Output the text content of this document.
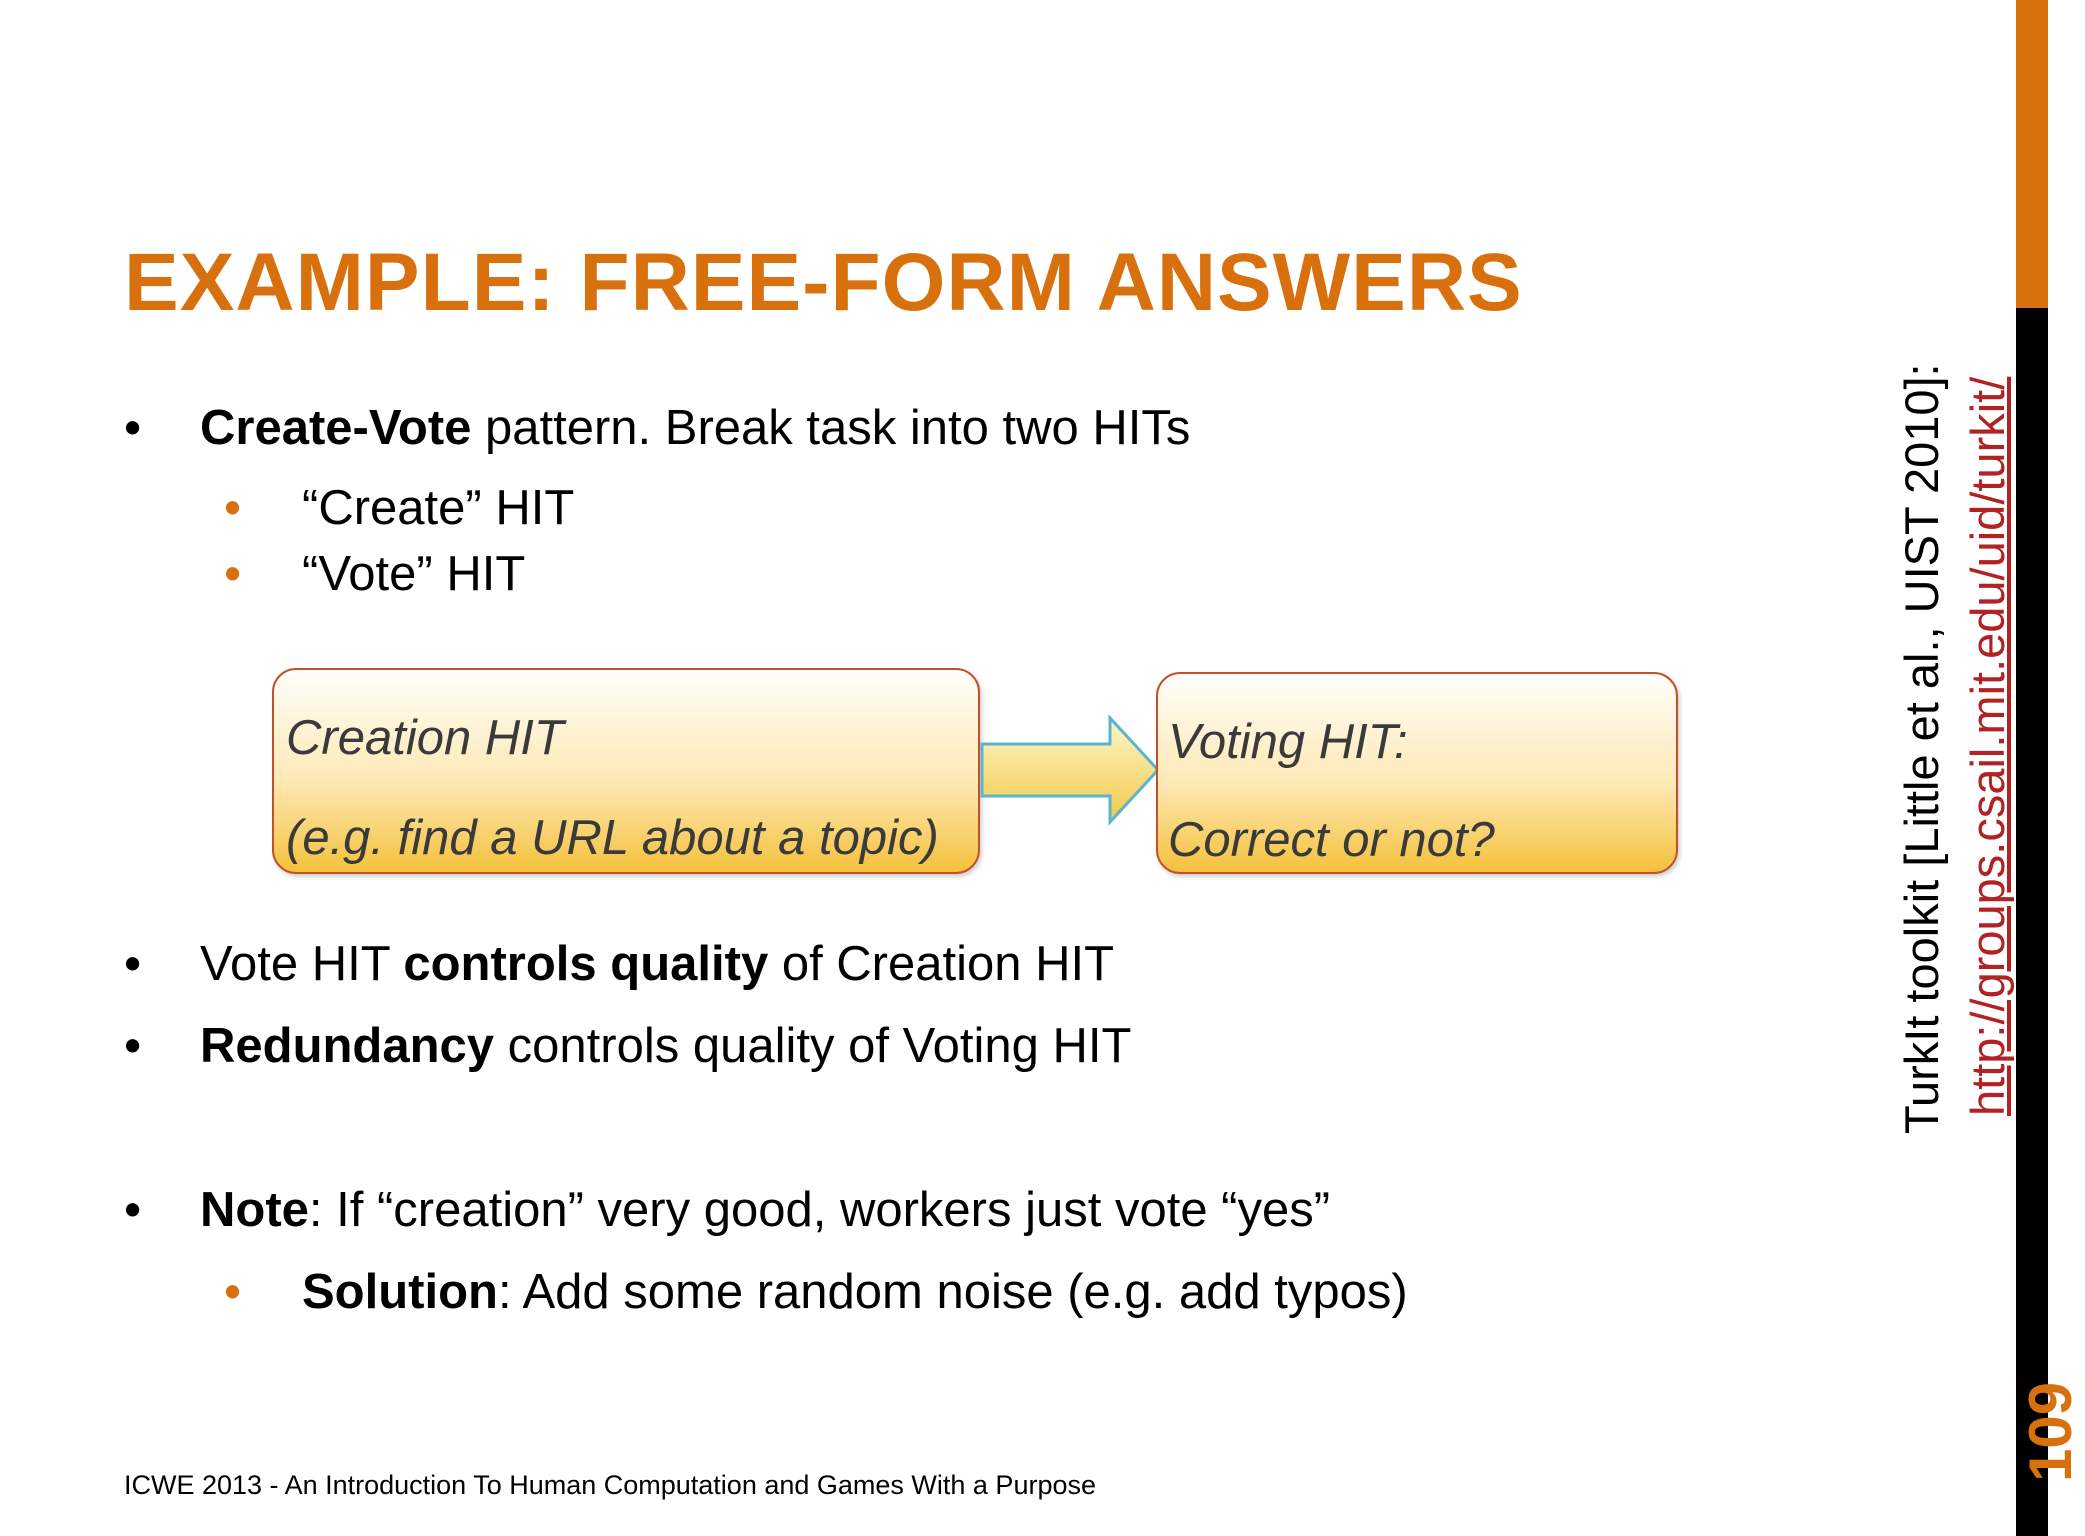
EXAMPLE: FREE-FORM ANSWERS
• Create-Vote pattern. Break task into two HITs
• “Create” HIT
• “Vote” HIT
Creation HIT
(e.g. find a URL about a topic)
Voting HIT:
Correct or not?
• Vote HIT controls quality of Creation HIT
• Redundancy controls quality of Voting HIT
• Note: If “creation” very good, workers just vote “yes”
• Solution: Add some random noise (e.g. add typos)
TurkIt toolkit [Little et al., UIST 2010]: http://groups.csail.mit.edu/uid/turkit/
109
ICWE 2013 - An Introduction To Human Computation and Games With a Purpose
